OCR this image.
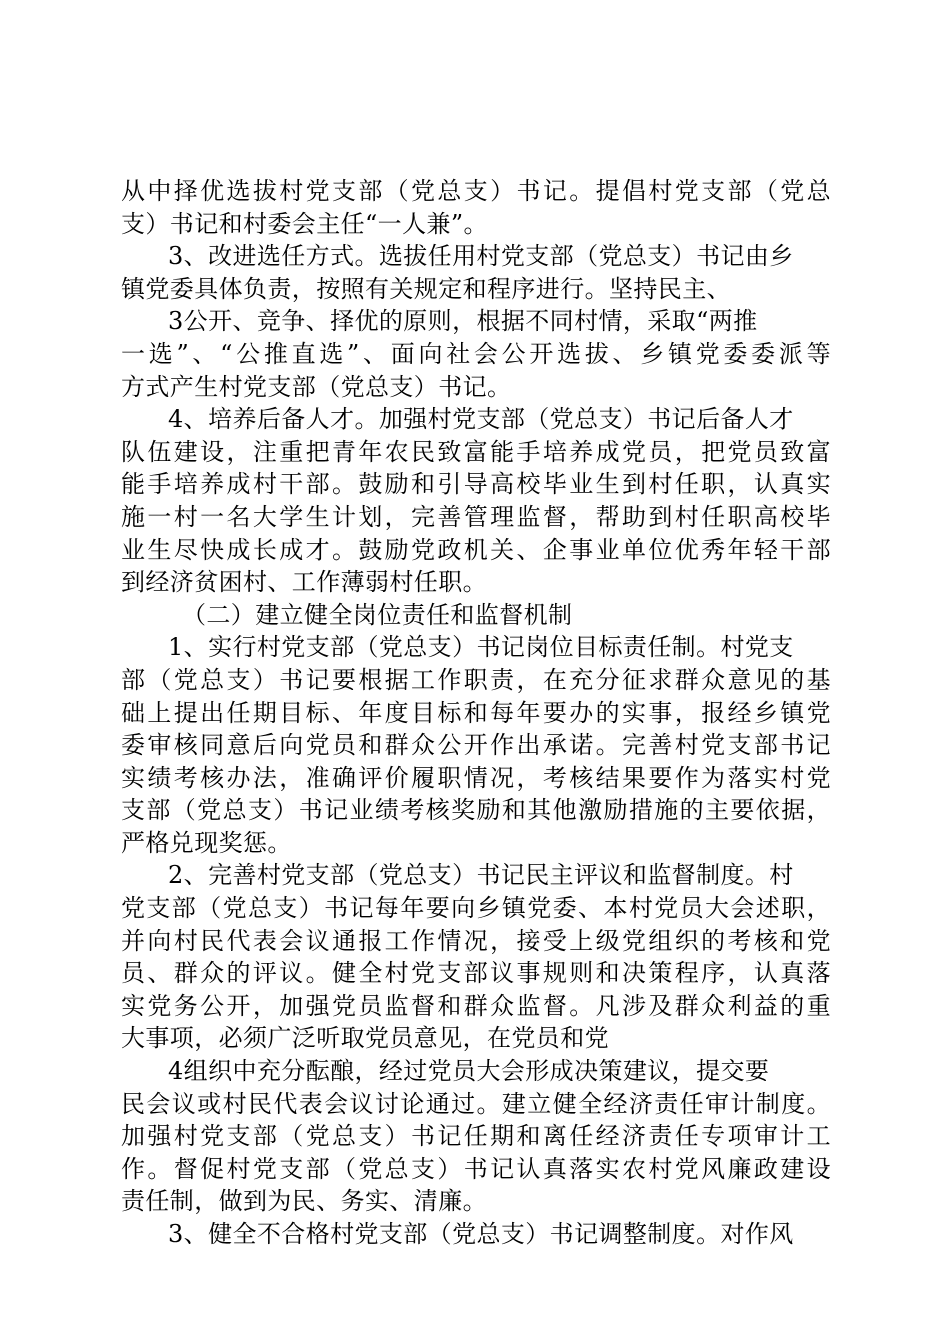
从中择优选拔村党支部（党总支）书记。提倡村党支部（党总
支）书记和村委会主任“一人兼”。
3、改进选任方式。选拔任用村党支部（党总支）书记由乡
镇党委具体负责，按照有关规定和程序进行。坚持民主、
3公开、竞争、择优的原则，根据不同村情，采取“两推
一选”、“公推直选”、面向社会公开选拔、乡镇党委委派等
方式产生村党支部（党总支）书记。
4、培养后备人才。加强村党支部（党总支）书记后备人才
队伍建设，注重把青年农民致富能手培养成党员，把党员致富
能手培养成村干部。鼓励和引导高校毕业生到村任职，认真实
施一村一名大学生计划，完善管理监督，帮助到村任职高校毕
业生尽快成长成才。鼓励党政机关、企事业单位优秀年轻干部
到经济贫困村、工作薄弱村任职。
（二）建立健全岗位责任和监督机制
1、实行村党支部（党总支）书记岗位目标责任制。村党支
部（党总支）书记要根据工作职责，在充分征求群众意见的基
础上提出任期目标、年度目标和每年要办的实事，报经乡镇党
委审核同意后向党员和群众公开作出承诺。完善村党支部书记
实绩考核办法，准确评价履职情况，考核结果要作为落实村党
支部（党总支）书记业绩考核奖励和其他激励措施的主要依据，
严格兑现奖惩。
2、完善村党支部（党总支）书记民主评议和监督制度。村
党支部（党总支）书记每年要向乡镇党委、本村党员大会述职，
并向村民代表会议通报工作情况，接受上级党组织的考核和党
员、群众的评议。健全村党支部议事规则和决策程序，认真落
实党务公开，加强党员监督和群众监督。凡涉及群众利益的重
大事项，必须广泛听取党员意见，在党员和党
4组织中充分酝酿，经过党员大会形成决策建议，提交要
民会议或村民代表会议讨论通过。建立健全经济责任审计制度。
加强村党支部（党总支）书记任期和离任经济责任专项审计工
作。督促村党支部（党总支）书记认真落实农村党风廉政建设
责任制，做到为民、务实、清廉。
3、健全不合格村党支部（党总支）书记调整制度。对作风
